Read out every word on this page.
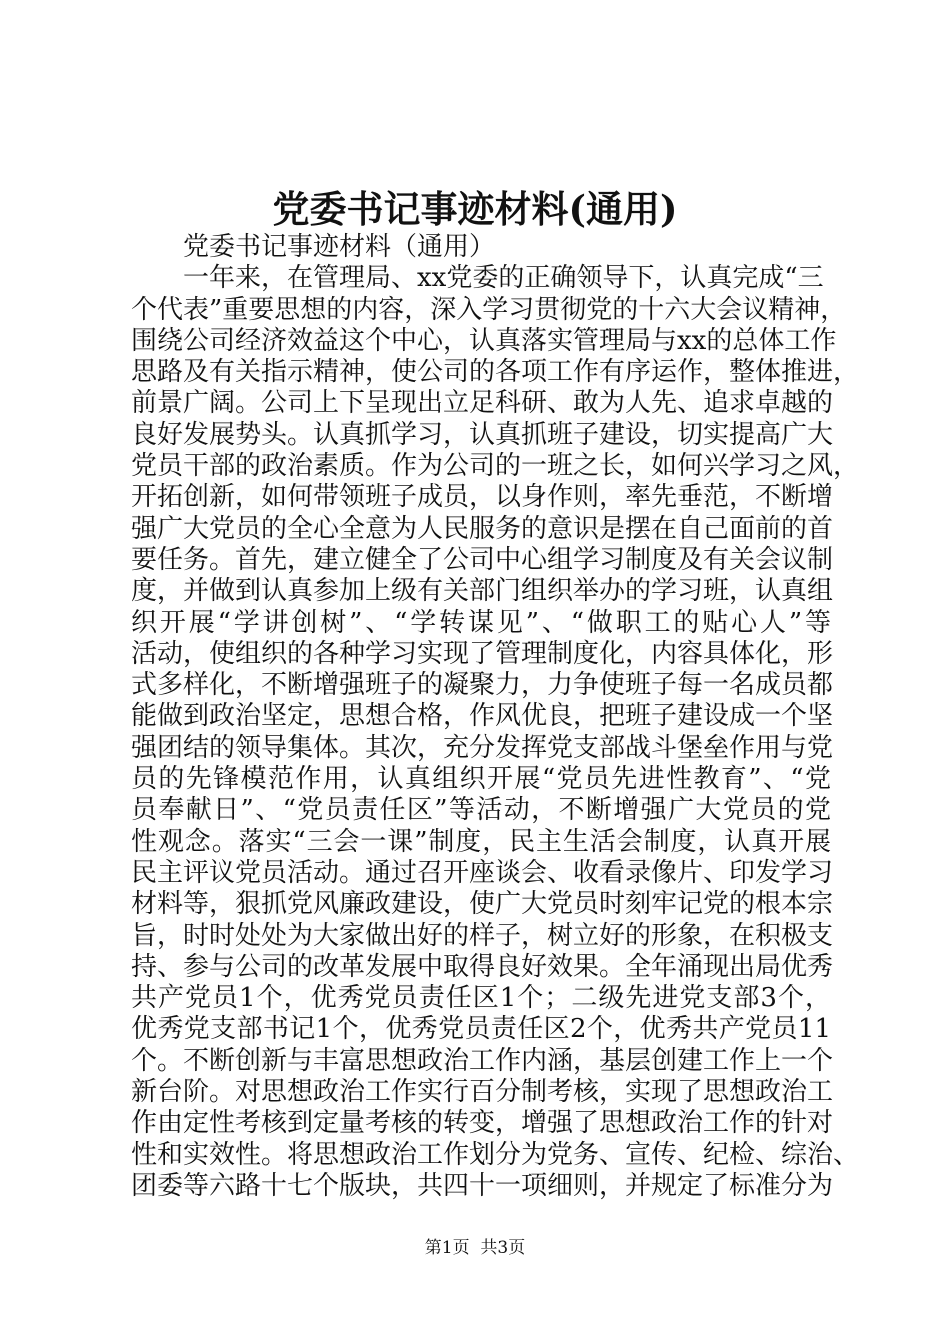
党委书记事迹材料(通用)
党委书记事迹材料（通用）
一年来，在管理局、xx党委的正确领导下，认真完成“三
个代表”重要思想的内容，深入学习贯彻党的十六大会议精神，
围绕公司经济效益这个中心，认真落实管理局与xx的总体工作
思路及有关指示精神，使公司的各项工作有序运作，整体推进，
前景广阔。公司上下呈现出立足科研、敢为人先、追求卓越的
良好发展势头。认真抓学习，认真抓班子建设，切实提高广大
党员干部的政治素质。作为公司的一班之长，如何兴学习之风，
开拓创新，如何带领班子成员，以身作则，率先垂范，不断增
强广大党员的全心全意为人民服务的意识是摆在自己面前的首
要任务。首先，建立健全了公司中心组学习制度及有关会议制
度，并做到认真参加上级有关部门组织举办的学习班，认真组
织开展“学讲创树”、“学转谋见”、“做职工的贴心人”等
活动，使组织的各种学习实现了管理制度化，内容具体化，形
式多样化，不断增强班子的凝聚力，力争使班子每一名成员都
能做到政治坚定，思想合格，作风优良，把班子建设成一个坚
强团结的领导集体。其次，充分发挥党支部战斗堡垒作用与党
员的先锋模范作用，认真组织开展“党员先进性教育”、“党
员奉献日”、“党员责任区”等活动，不断增强广大党员的党
性观念。落实“三会一课”制度，民主生活会制度，认真开展
民主评议党员活动。通过召开座谈会、收看录像片、印发学习
材料等，狠抓党风廉政建设，使广大党员时刻牢记党的根本宗
旨，时时处处为大家做出好的样子，树立好的形象，在积极支
持、参与公司的改革发展中取得良好效果。全年涌现出局优秀
共产党员1个，优秀党员责任区1个；二级先进党支部3个，
优秀党支部书记1个，优秀党员责任区2个，优秀共产党员11
个。不断创新与丰富思想政治工作内涵，基层创建工作上一个
新台阶。对思想政治工作实行百分制考核，实现了思想政治工
作由定性考核到定量考核的转变，增强了思想政治工作的针对
性和实效性。将思想政治工作划分为党务、宣传、纪检、综治、
团委等六路十七个版块，共四十一项细则，并规定了标准分为
第1页  共3页
